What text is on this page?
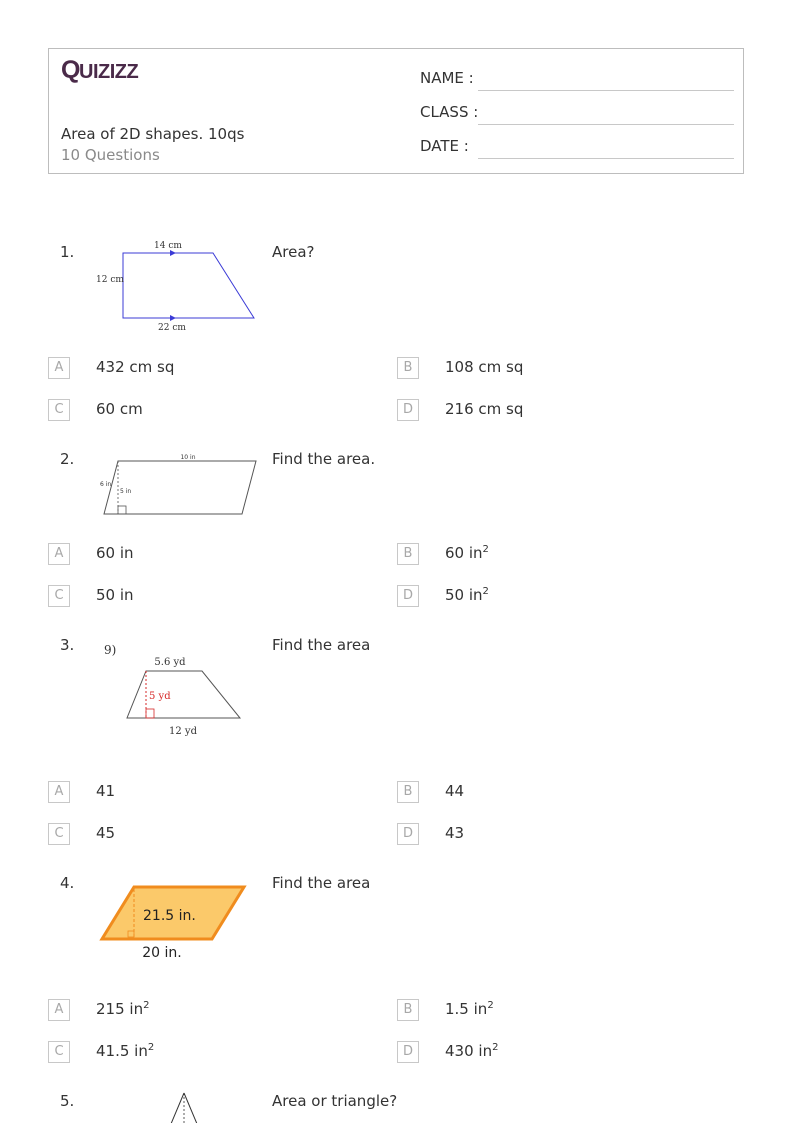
Q UIZIZZ
Area of 2D shapes. 10qs
10 Questions
NAME :
CLASS :
DATE :
1.	14 cm
12 cm
22 cm
Area?
A	432 cm sq	B	108 cm sq
C	60 cm	D	216 cm sq
2.	10 in
6 in
5 in
Find the area.
A	60 in	B	60 $in^2$
C	50 in	D	50 $in^2$
3. 9)
5.6 yd
5 yd
12 yd
Find the area
A	41	B	44
C	45	D	43
4.
21.5 in.
20 in.
Find the area
A	215 $in^2$	B	1.5 $in^2$
C	41.5 $in^2$	D	430 $in^2$
5.	Area or triangle?
